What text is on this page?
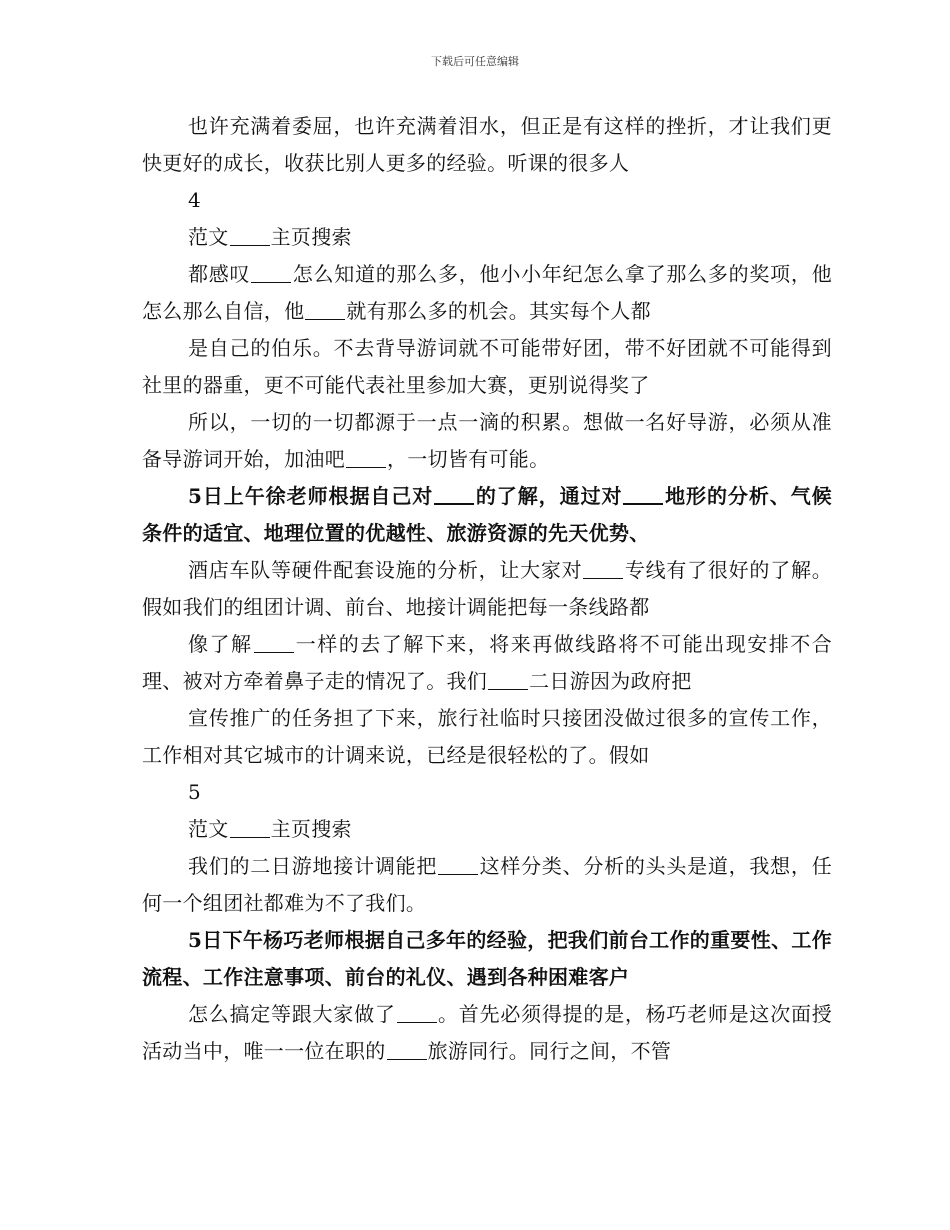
下载后可任意编辑

也许充满着委屈，也许充满着泪水，但正是有这样的挫折，才让我们更快更好的成长，收获比别人更多的经验。听课的很多人

4

范文 主页搜索

都感叹 怎么知道的那么多，他小小年纪怎么拿了那么多的奖项，他怎么那么自信，他 就有那么多的机会。其实每个人都

是自己的伯乐。不去背导游词就不可能带好团，带不好团就不可能得到社里的器重，更不可能代表社里参加大赛，更别说得奖了

所以，一切的一切都源于一点一滴的积累。想做一名好导游，必须从准备导游词开始，加油吧 ，一切皆有可能。

5日上午徐老师根据自己对 的了解，通过对 地形的分析、气候条件的适宜、地理位置的优越性、旅游资源的先天优势、

酒店车队等硬件配套设施的分析，让大家对 专线有了很好的了解。假如我们的组团计调、前台、地接计调能把每一条线路都

像了解 一样的去了解下来，将来再做线路将不可能出现安排不合理、被对方牵着鼻子走的情况了。我们 二日游因为政府把

宣传推广的任务担了下来，旅行社临时只接团没做过很多的宣传工作，工作相对其它城市的计调来说，已经是很轻松的了。假如

5

范文 主页搜索

我们的二日游地接计调能把 这样分类、分析的头头是道，我想，任何一个组团社都难为不了我们。

5日下午杨巧老师根据自己多年的经验，把我们前台工作的重要性、工作流程、工作注意事项、前台的礼仪、遇到各种困难客户

怎么搞定等跟大家做了 。首先必须得提的是，杨巧老师是这次面授活动当中，唯一一位在职的 旅游同行。同行之间，不管
